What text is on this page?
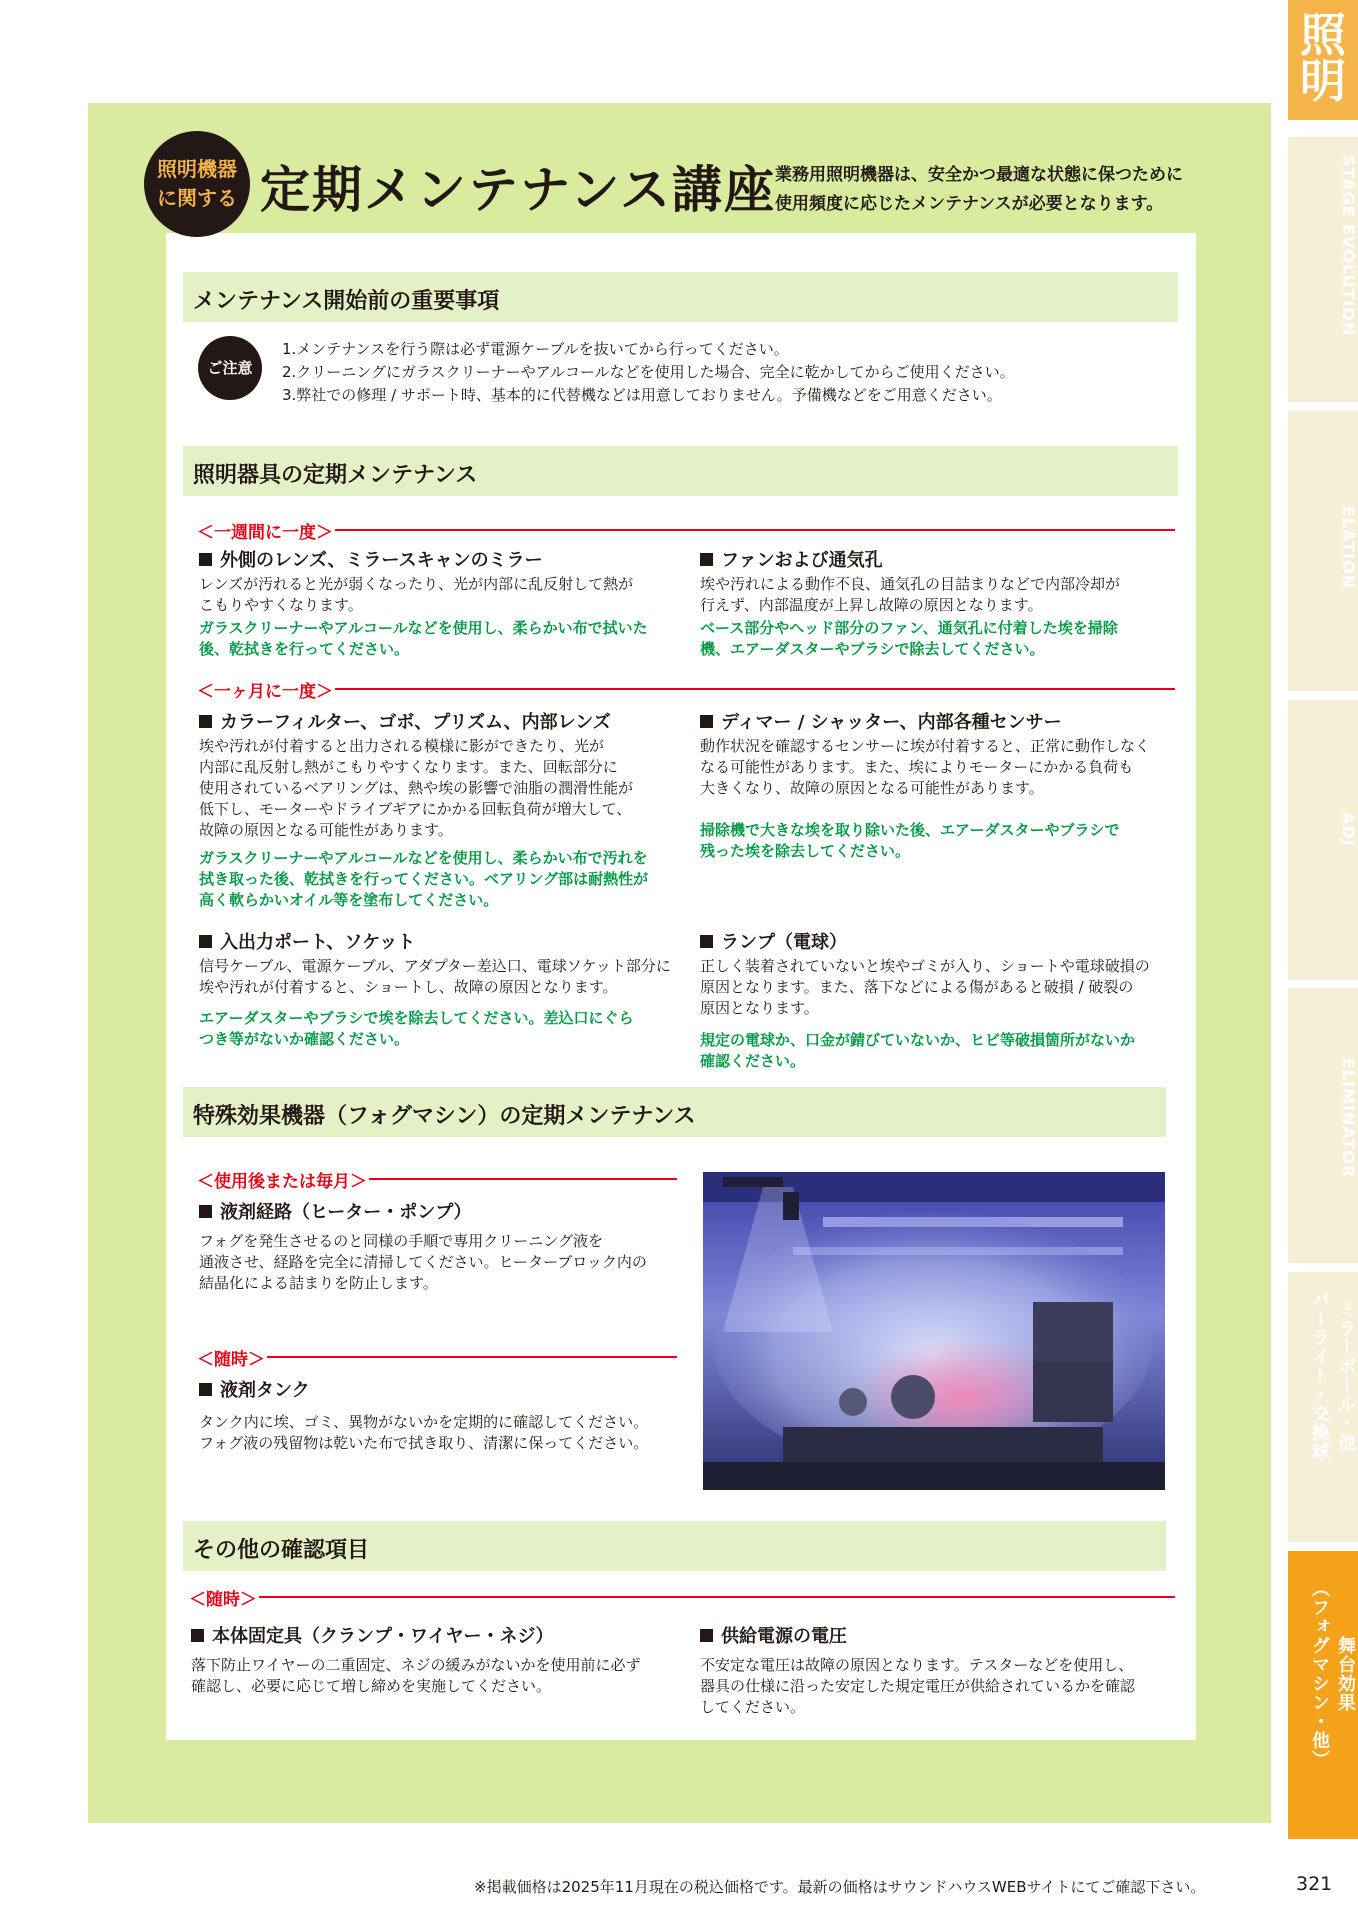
照
明
STAGE EVOLUTION
ELATION
ADJ
ELIMINATOR
ミラーボール・他
パーライト・交換球
舞台効果
（フォグマシン・他）
照明機器
に関する 定期メンテナンス講座 業務用照明機器は、安全かつ最適な状態に保つために
使用頻度に応じたメンテナンスが必要となります。
メンテナンス開始前の重要事項
ご注意
1.メンテナンスを行う際は必ず電源ケーブルを抜いてから行ってください。
2.クリーニングにガラスクリーナーやアルコールなどを使用した場合、完全に乾かしてからご使用ください。
3.弊社での修理 / サポート時、基本的に代替機などは用意しておりません。予備機などをご用意ください。
照明器具の定期メンテナンス
＜一週間に一度＞
外側のレンズ、ミラースキャンのミラー
レンズが汚れると光が弱くなったり、光が内部に乱反射して熱が
こもりやすくなります。
ガラスクリーナーやアルコールなどを使用し、柔らかい布で拭いた
後、乾拭きを行ってください。
ファンおよび通気孔
埃や汚れによる動作不良、通気孔の目詰まりなどで内部冷却が
行えず、内部温度が上昇し故障の原因となります。
ベース部分やヘッド部分のファン、通気孔に付着した埃を掃除
機、エアーダスターやブラシで除去してください。
＜一ヶ月に一度＞
カラーフィルター、ゴボ、プリズム、内部レンズ
埃や汚れが付着すると出力される模様に影ができたり、光が
内部に乱反射し熱がこもりやすくなります。また、回転部分に
使用されているベアリングは、熱や埃の影響で油脂の潤滑性能が
低下し、モーターやドライブギアにかかる回転負荷が増大して、
故障の原因となる可能性があります。
ガラスクリーナーやアルコールなどを使用し、柔らかい布で汚れを
拭き取った後、乾拭きを行ってください。ベアリング部は耐熱性が
高く軟らかいオイル等を塗布してください。
ディマー / シャッター、内部各種センサー
動作状況を確認するセンサーに埃が付着すると、正常に動作しなく
なる可能性があります。また、埃によりモーターにかかる負荷も
大きくなり、故障の原因となる可能性があります。
掃除機で大きな埃を取り除いた後、エアーダスターやブラシで
残った埃を除去してください。
入出力ポート、ソケット
信号ケーブル、電源ケーブル、アダプター差込口、電球ソケット部分に
埃や汚れが付着すると、ショートし、故障の原因となります。
エアーダスターやブラシで埃を除去してください。差込口にぐら
つき等がないか確認ください。
ランプ（電球）
正しく装着されていないと埃やゴミが入り、ショートや電球破損の
原因となります。また、落下などによる傷があると破損 / 破裂の
原因となります。
規定の電球か、口金が錆びていないか、ヒビ等破損箇所がないか
確認ください。
特殊効果機器（フォグマシン）の定期メンテナンス
＜使用後または毎月＞
液剤経路（ヒーター・ポンプ）
フォグを発生させるのと同様の手順で専用クリーニング液を
通液させ、経路を完全に清掃してください。ヒーターブロック内の
結晶化による詰まりを防止します。
＜随時＞
液剤タンク
タンク内に埃、ゴミ、異物がないかを定期的に確認してください。
フォグ液の残留物は乾いた布で拭き取り、清潔に保ってください。
その他の確認項目
＜随時＞
本体固定具（クランプ・ワイヤー・ネジ）
落下防止ワイヤーの二重固定、ネジの緩みがないかを使用前に必ず
確認し、必要に応じて増し締めを実施してください。
供給電源の電圧
不安定な電圧は故障の原因となります。テスターなどを使用し、
器具の仕様に沿った安定した規定電圧が供給されているかを確認
してください。
※掲載価格は2025年11月現在の税込価格です。最新の価格はサウンドハウスWEBサイトにてご確認下さい。	321
